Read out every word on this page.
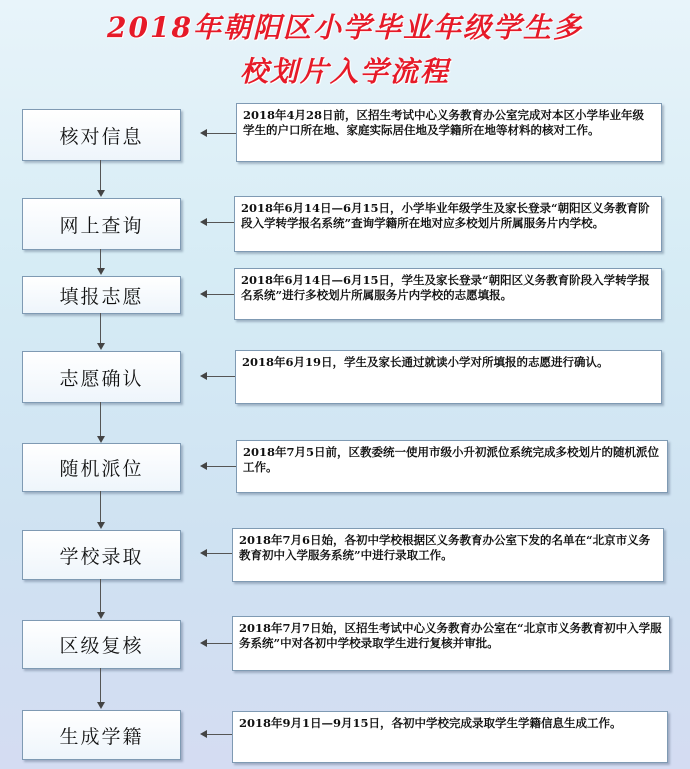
2018年朝阳区小学毕业年级学生多
校划片入学流程
核对信息
2018年4月28日前，区招生考试中心义务教育办公室完成对本区小学毕业年级学生的户口所在地、家庭实际居住地及学籍所在地等材料的核对工作。
网上查询
2018年6月14日—6月15日，小学毕业年级学生及家长登录“朝阳区义务教育阶段入学转学报名系统”查询学籍所在地对应多校划片所属服务片内学校。
填报志愿
2018年6月14日—6月15日，学生及家长登录“朝阳区义务教育阶段入学转学报名系统”进行多校划片所属服务片内学校的志愿填报。
志愿确认
2018年6月19日，学生及家长通过就读小学对所填报的志愿进行确认。
随机派位
2018年7月5日前，区教委统一使用市级小升初派位系统完成多校划片的随机派位工作。
学校录取
2018年7月6日始，各初中学校根据区义务教育办公室下发的名单在“北京市义务教育初中入学服务系统”中进行录取工作。
区级复核
2018年7月7日始，区招生考试中心义务教育办公室在“北京市义务教育初中入学服务系统”中对各初中学校录取学生进行复核并审批。
生成学籍
2018年9月1日—9月15日，各初中学校完成录取学生学籍信息生成工作。
